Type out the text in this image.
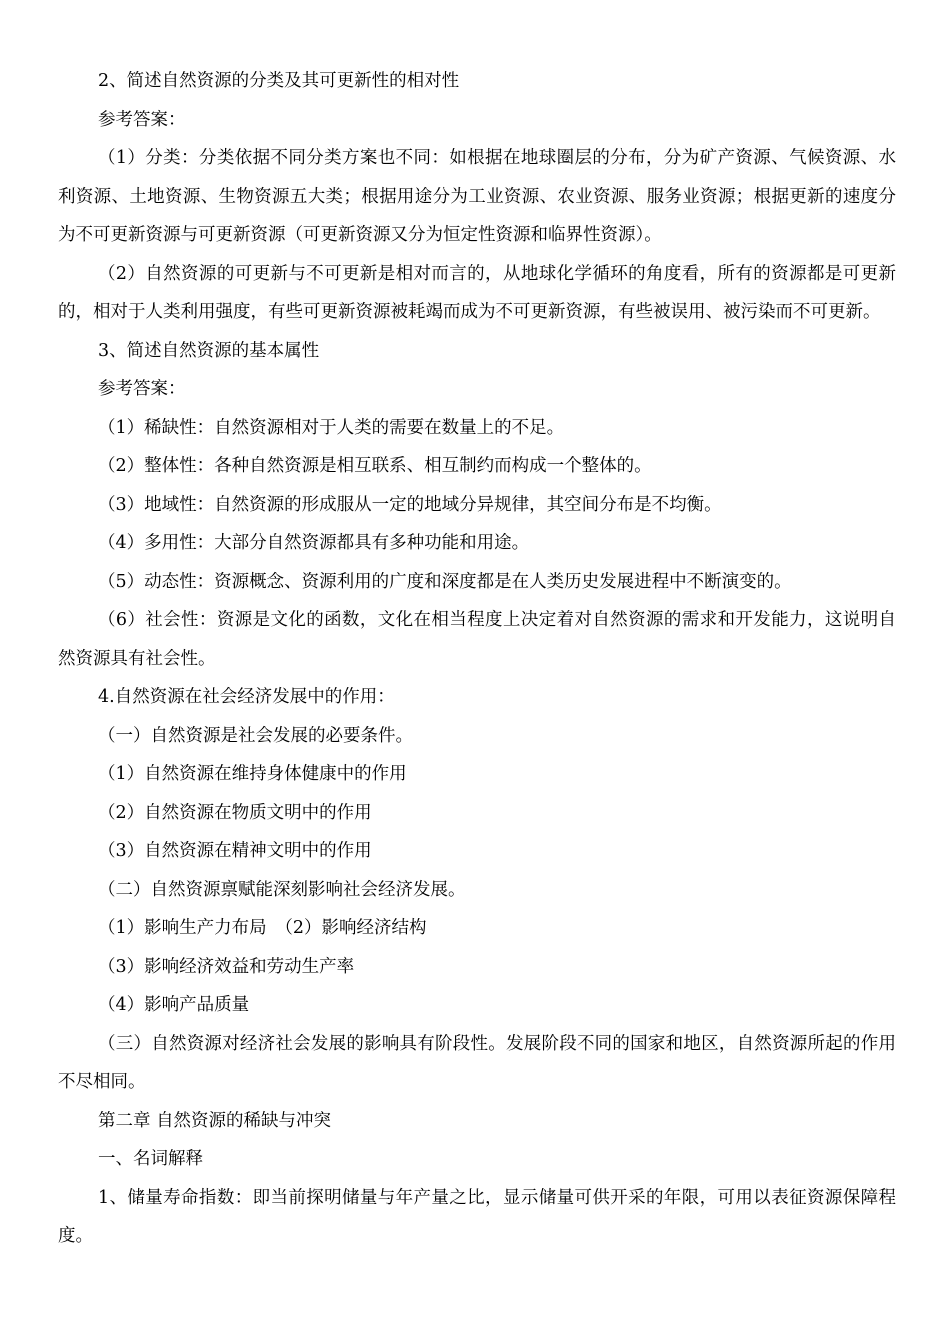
2、简述自然资源的分类及其可更新性的相对性

参考答案：

（1）分类：分类依据不同分类方案也不同：如根据在地球圈层的分布，分为矿产资源、气候资源、水利资源、土地资源、生物资源五大类；根据用途分为工业资源、农业资源、服务业资源；根据更新的速度分为不可更新资源与可更新资源（可更新资源又分为恒定性资源和临界性资源）。

（2）自然资源的可更新与不可更新是相对而言的，从地球化学循环的角度看，所有的资源都是可更新的，相对于人类利用强度，有些可更新资源被耗竭而成为不可更新资源，有些被误用、被污染而不可更新。

3、简述自然资源的基本属性

参考答案：

（1）稀缺性：自然资源相对于人类的需要在数量上的不足。

（2）整体性：各种自然资源是相互联系、相互制约而构成一个整体的。

（3）地域性：自然资源的形成服从一定的地域分异规律，其空间分布是不均衡。

（4）多用性：大部分自然资源都具有多种功能和用途。

（5）动态性：资源概念、资源利用的广度和深度都是在人类历史发展进程中不断演变的。

（6）社会性：资源是文化的函数，文化在相当程度上决定着对自然资源的需求和开发能力，这说明自然资源具有社会性。

4.自然资源在社会经济发展中的作用：

（一）自然资源是社会发展的必要条件。

（1）自然资源在维持身体健康中的作用

（2）自然资源在物质文明中的作用

（3）自然资源在精神文明中的作用

（二）自然资源禀赋能深刻影响社会经济发展。

（1）影响生产力布局　（2）影响经济结构

（3）影响经济效益和劳动生产率

（4）影响产品质量

（三）自然资源对经济社会发展的影响具有阶段性。发展阶段不同的国家和地区，自然资源所起的作用不尽相同。

第二章 自然资源的稀缺与冲突

一、名词解释

1、储量寿命指数：即当前探明储量与年产量之比，显示储量可供开采的年限，可用以表征资源保障程度。
